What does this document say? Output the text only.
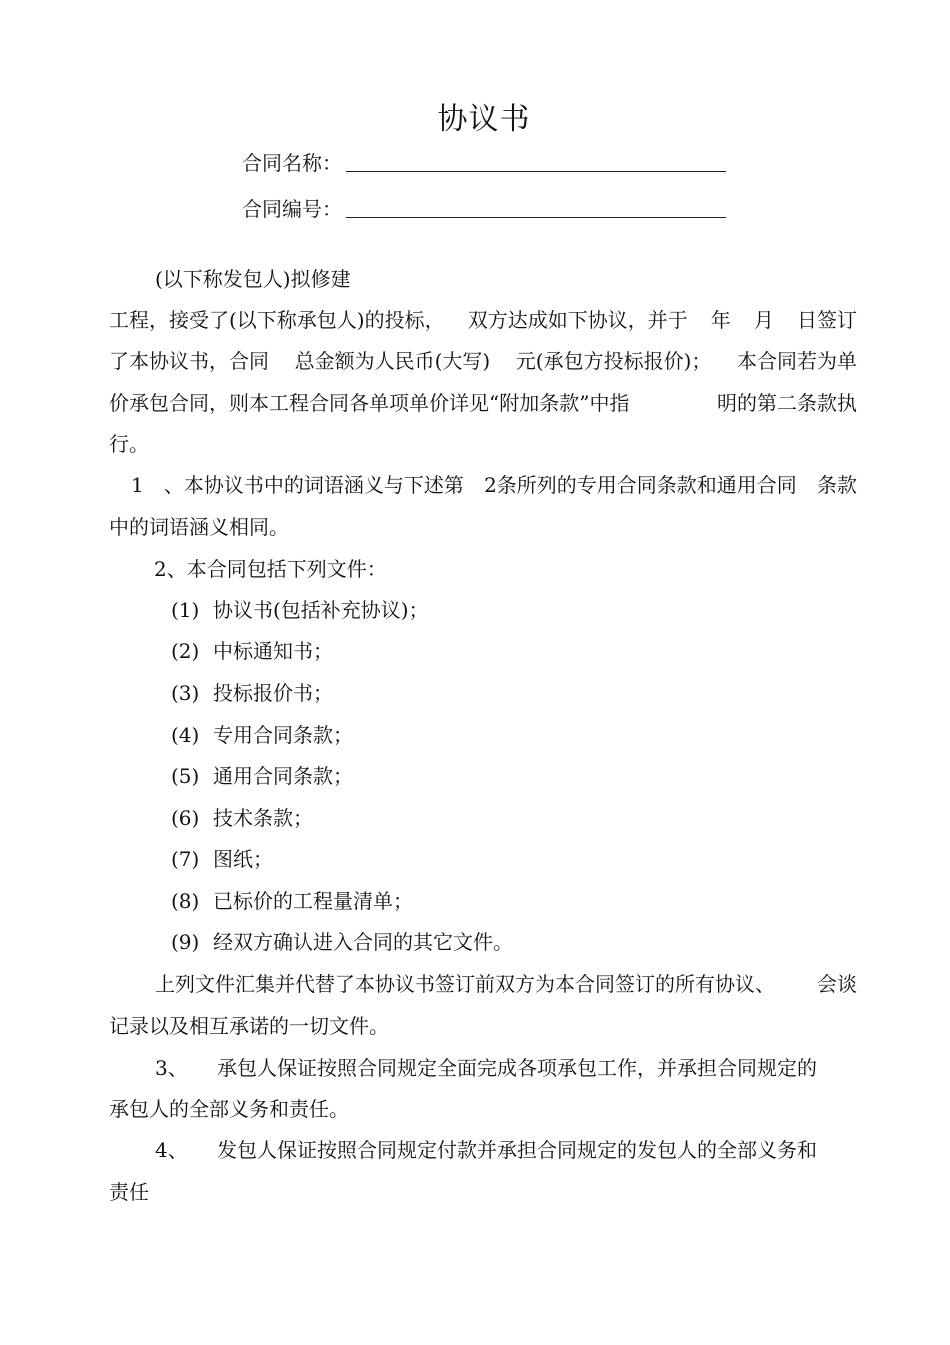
协议书
合同名称：
合同编号：
(以下称发包人)拟修建
工程，接受了(以下称承包人)的投标， 双方达成如下协议，并于 年 月 日签订
了本协议书，合同 总金额为人民币(大写) 元(承包方投标报价)； 本合同若为单
价承包合同，则本工程合同各单项单价详见“附加条款”中指	明的第二条款执
行。
1 、本协议书中的词语涵义与下述第 2条所列的专用合同条款和通用合同 条款
中的词语涵义相同。
2、本合同包括下列文件：
(1) 协议书(包括补充协议)；
(2) 中标通知书；
(3) 投标报价书；
(4) 专用合同条款；
(5) 通用合同条款；
(6) 技术条款；
(7) 图纸；
(8) 已标价的工程量清单；
(9) 经双方确认进入合同的其它文件。
上列文件汇集并代替了本协议书签订前双方为本合同签订的所有协议、 会谈
记录以及相互承诺的一切文件。
3、 承包人保证按照合同规定全面完成各项承包工作，并承担合同规定的
承包人的全部义务和责任。
4、 发包人保证按照合同规定付款并承担合同规定的发包人的全部义务和
责任
